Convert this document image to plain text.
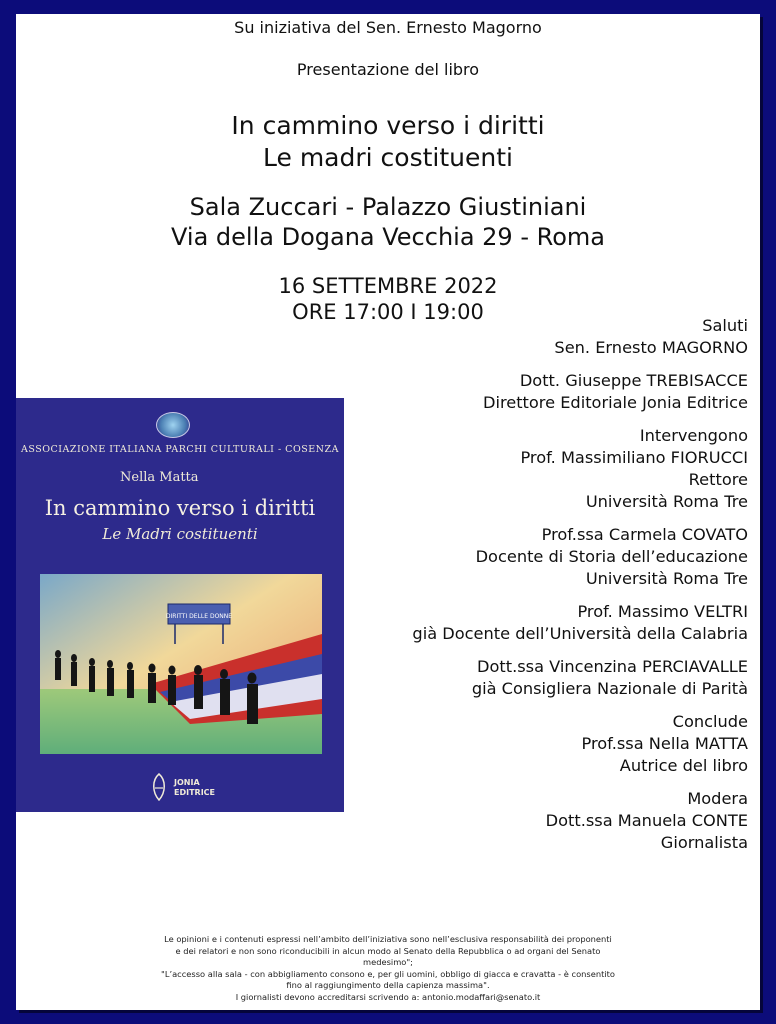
Su iniziativa del Sen. Ernesto Magorno
Presentazione del libro
In cammino verso i diritti
Le madri costituenti
Sala Zuccari - Palazzo Giustiniani
Via della Dogana Vecchia 29 - Roma
16 SETTEMBRE 2022
ORE 17:00 I 19:00
Saluti
Sen. Ernesto MAGORNO
Dott. Giuseppe TREBISACCE
Direttore Editoriale Jonia Editrice
Intervengono
Prof. Massimiliano FIORUCCI
Rettore
Università Roma Tre
Prof.ssa Carmela COVATO
Docente di Storia dell’educazione
Università Roma Tre
Prof. Massimo VELTRI
già Docente dell’Università della Calabria
Dott.ssa Vincenzina PERCIAVALLE
già Consigliera Nazionale di Parità
Conclude
Prof.ssa Nella MATTA
Autrice del libro
Modera
Dott.ssa Manuela CONTE
Giornalista
ASSOCIAZIONE ITALIANA PARCHI CULTURALI - COSENZA
Nella Matta
In cammino verso i diritti
Le Madri costituenti
DIRITTI DELLE DONNE
JONIA
EDITRICE
Le opinioni e i contenuti espressi nell’ambito dell’iniziativa sono nell’esclusiva responsabilità dei proponenti
e dei relatori e non sono riconducibili in alcun modo al Senato della Repubblica o ad organi del Senato
medesimo";
"L’accesso alla sala - con abbigliamento consono e, per gli uomini, obbligo di giacca e cravatta - è consentito
fino al raggiungimento della capienza massima".
I giornalisti devono accreditarsi scrivendo a: antonio.modaffari@senato.it
